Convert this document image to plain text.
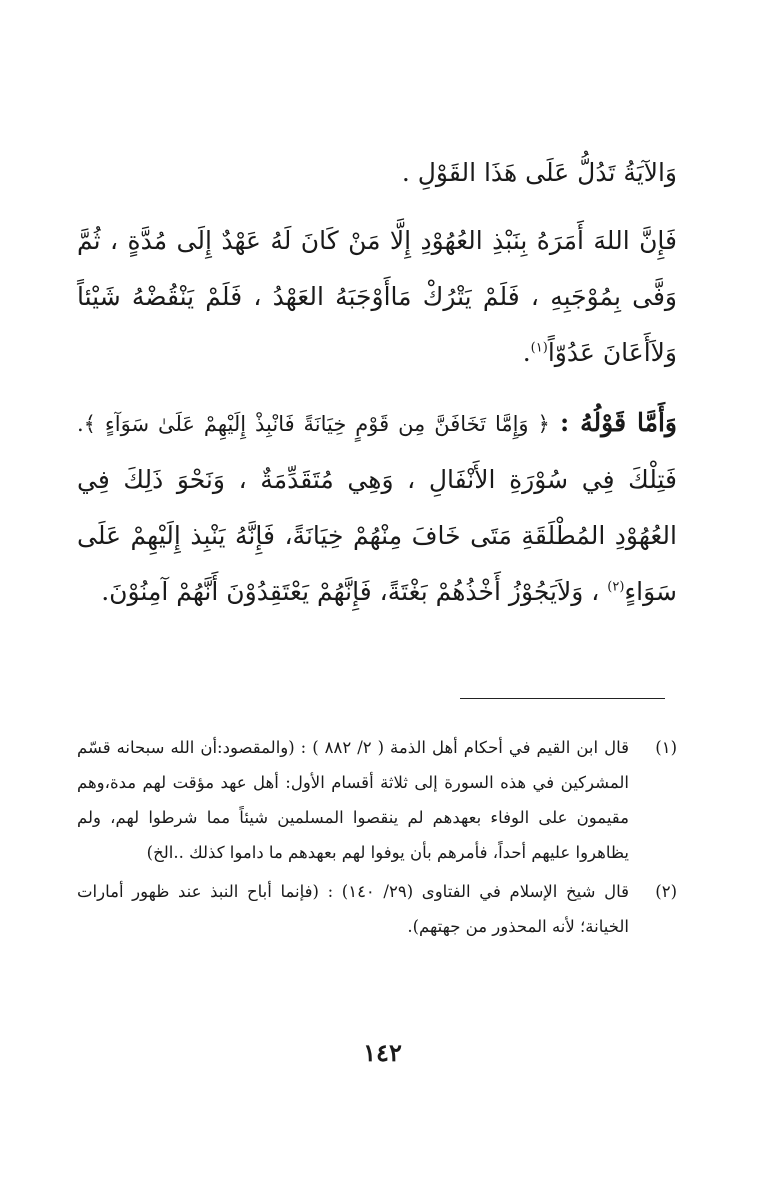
وَالآيَةُ تَدُلُّ عَلَى هَذَا القَوْلِ .

فَإِنَّ اللهَ أَمَرَهُ بِنَبْذِ العُهُوْدِ إِلَّا مَنْ كَانَ لَهُ عَهْدٌ إِلَى مُدَّةٍ ، ثُمَّ وَفَّى بِمُوْجَبِهِ ، فَلَمْ يَتْرُكْ مَاأَوْجَبَهُ العَهْدُ ، فَلَمْ يَنْقُضْهُ شَيْئاً وَلاَأَعَانَ عَدُوّاً$^{(١)}$.

وَأَمَّا قَوْلُهُ : ﴿ وَإِمَّا تَخَافَنَّ مِن قَوْمٍ خِيَانَةً فَانْبِذْ إِلَيْهِمْ عَلَىٰ سَوَآءٍ ﴾. فَتِلْكَ فِي سُوْرَةِ الأَنْفَالِ ، وَهِي مُتَقَدِّمَةٌ ، وَنَحْوَ ذَلِكَ فِي العُهُوْدِ المُطْلَقَةِ مَتَى خَافَ مِنْهُمْ خِيَانَةً، فَإِنَّهُ يَنْبِذ إِلَيْهِمْ عَلَى سَوَاءٍ$^{(٢)}$ ، وَلاَيَجُوْزُ أَخْذُهُمْ بَغْتَةً، فَإِنَّهُمْ يَعْتَقِدُوْنَ أَنَّهُمْ آمِنُوْنَ.

(١)
قال ابن القيم في أحكام أهل الذمة ( ٢/ ٨٨٢ ) : (والمقصود:أن الله سبحانه قسّم المشركين في هذه السورة إلى ثلاثة أقسام الأول: أهل عهد مؤقت لهم مدة،وهم مقيمون على الوفاء بعهدهم لم ينقصوا المسلمين شيئاً مما شرطوا لهم، ولم يظاهروا عليهم أحداً، فأمرهم بأن يوفوا لهم بعهدهم ما داموا كذلك ..الخ)
(٢)
قال شيخ الإسلام في الفتاوى (٢٩/ ١٤٠) : (فإنما أباح النبذ عند ظهور أمارات الخيانة؛ لأنه المحذور من جهتهم).
١٤٢
